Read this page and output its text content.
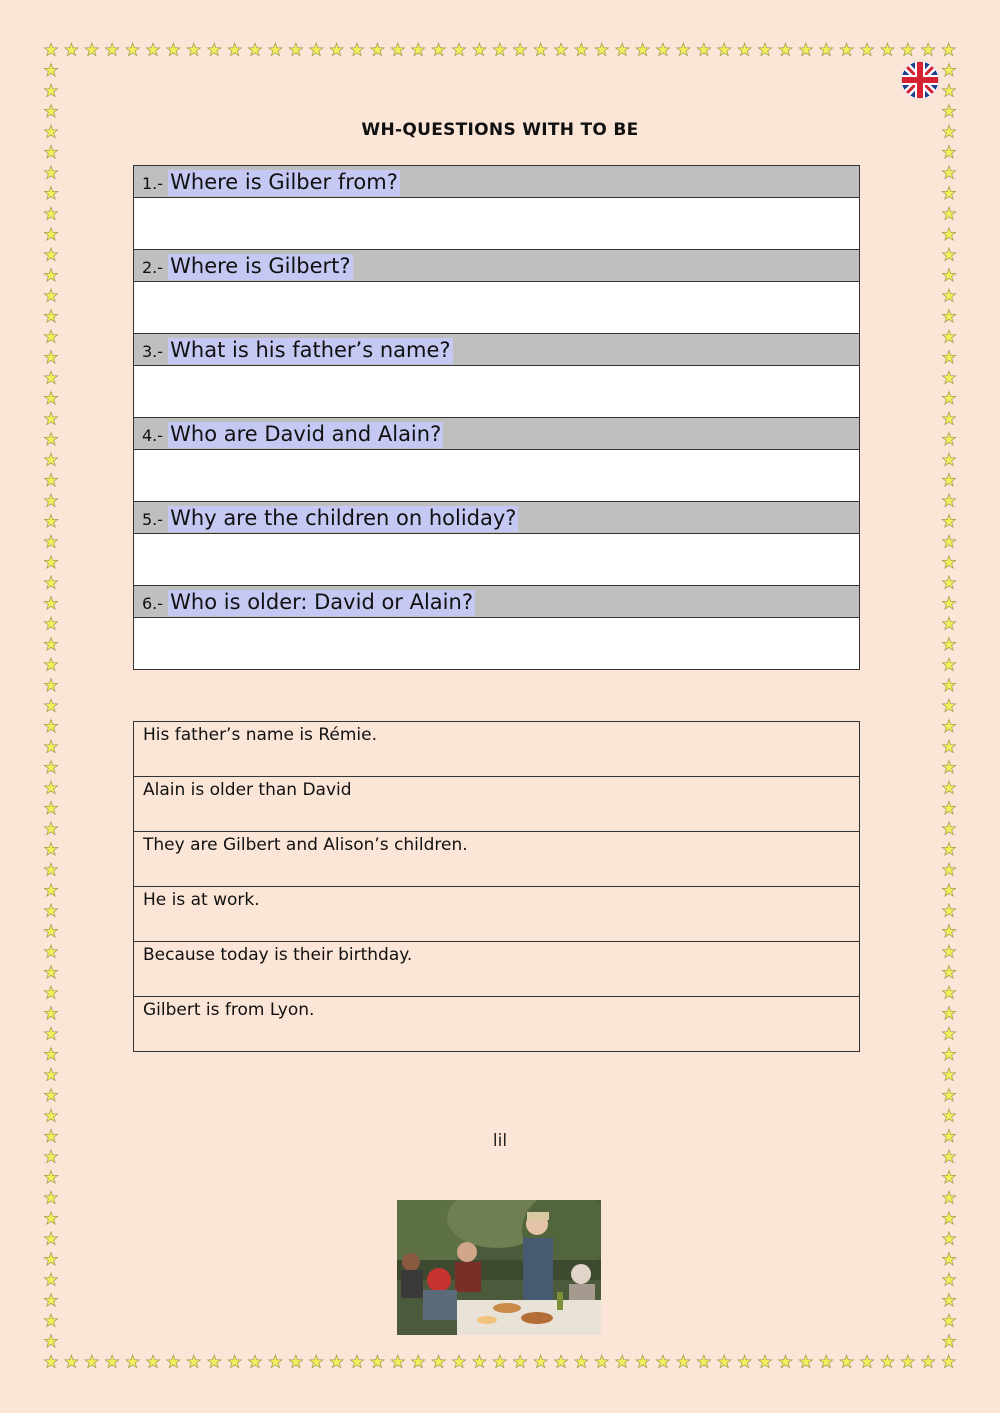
WH-QUESTIONS WITH TO BE
1.- Where is Gilber from?

2.- Where is Gilbert?

3.- What is his father’s name?

4.- Who are David and Alain?

5.- Why are the children on holiday?

6.- Who is older: David or Alain?

His father’s name is Rémie.
Alain is older than David
They are Gilbert and Alison’s children.
He is at work.
Because today is their birthday.
Gilbert is from Lyon.
lil
